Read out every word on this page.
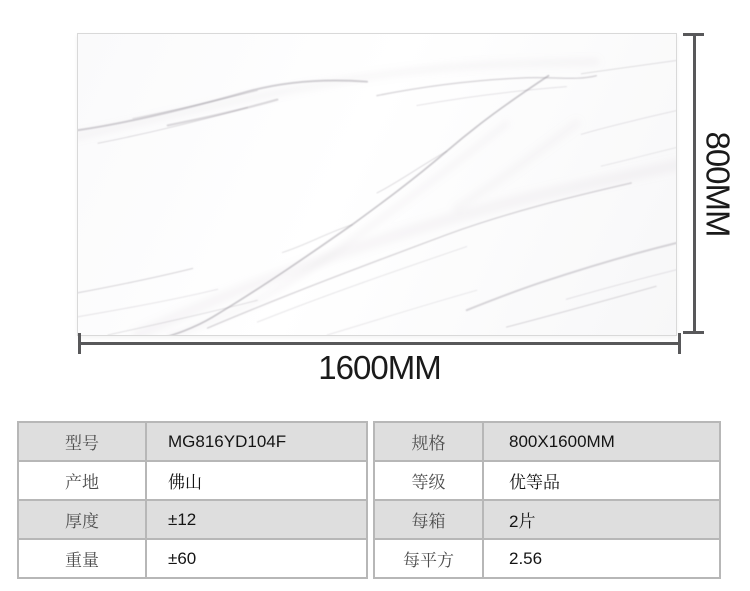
1600MM
800MM
型号	MG816YD104F
产地	佛山
厚度	±12
重量	±60
规格	800X1600MM
等级	优等品
每箱	2片
每平方	2.56
